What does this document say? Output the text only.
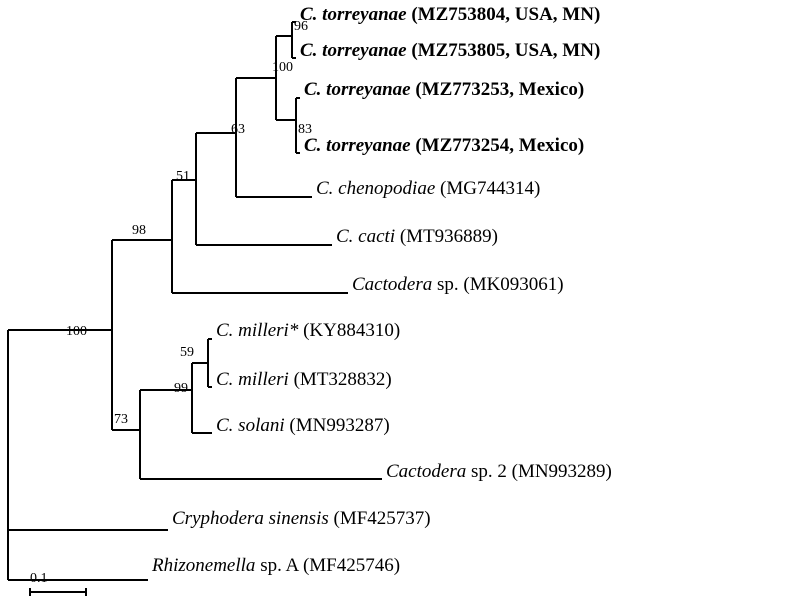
C. torreyanae (MZ753804, USA, MN)
C. torreyanae (MZ753805, USA, MN)
C. torreyanae (MZ773253, Mexico)
C. torreyanae (MZ773254, Mexico)
C. chenopodiae (MG744314)
C. cacti (MT936889)
Cactodera sp. (MK093061)
C. milleri* (KY884310)
C. milleri (MT328832)
C. solani (MN993287)
Cactodera sp. 2 (MN993289)
Cryphodera sinensis (MF425737)
Rhizonemella sp. A (MF425746)
96
100
83
63
51
98
59
99
73
100
0.1
